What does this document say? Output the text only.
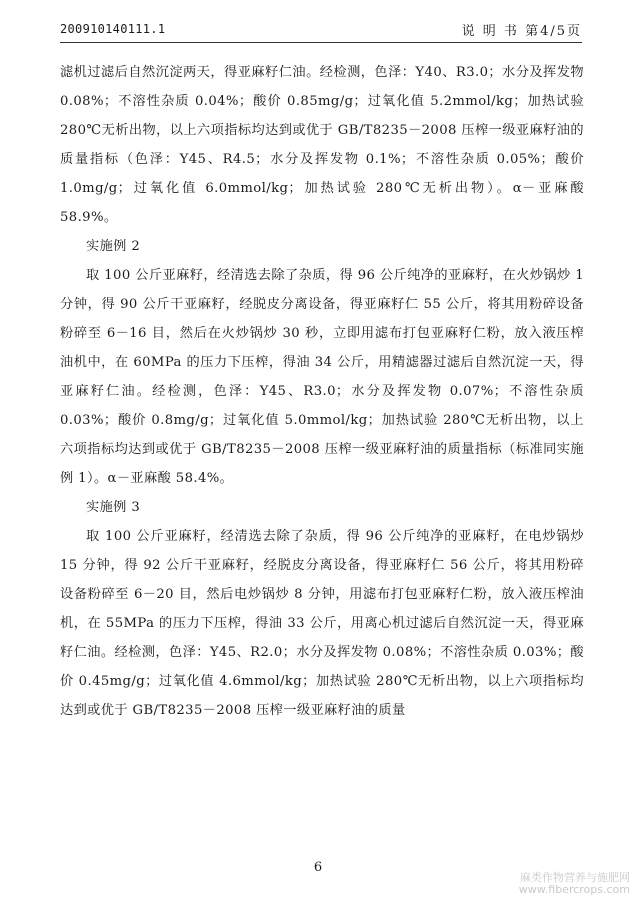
200910140111.1	说 明 书 第4/5页

滤机过滤后自然沉淀两天，得亚麻籽仁油。经检测，色泽：Y40、R3.0；水分及挥发物 0.08%；不溶性杂质 0.04%；酸价 0.85mg/g；过氧化值 5.2mmol/kg；加热试验 280℃无析出物，以上六项指标均达到或优于 GB/T8235－2008 压榨一级亚麻籽油的质量指标（色泽：Y45、R4.5；水分及挥发物 0.1%；不溶性杂质 0.05%；酸价 1.0mg/g；过氧化值 6.0mmol/kg；加热试验 280℃无析出物）。α－亚麻酸 58.9%。

实施例 2

取 100 公斤亚麻籽，经清选去除了杂质，得 96 公斤纯净的亚麻籽，在火炒锅炒 1 分钟，得 90 公斤干亚麻籽，经脱皮分离设备，得亚麻籽仁 55 公斤，将其用粉碎设备粉碎至 6－16 目，然后在火炒锅炒 30 秒，立即用滤布打包亚麻籽仁粉，放入液压榨油机中，在 60MPa 的压力下压榨，得油 34 公斤，用精滤器过滤后自然沉淀一天，得亚麻籽仁油。经检测，色泽：Y45、R3.0；水分及挥发物 0.07%；不溶性杂质 0.03%；酸价 0.8mg/g；过氧化值 5.0mmol/kg；加热试验 280℃无析出物，以上六项指标均达到或优于 GB/T8235－2008 压榨一级亚麻籽油的质量指标（标准同实施例 1）。α－亚麻酸 58.4%。

实施例 3

取 100 公斤亚麻籽，经清选去除了杂质，得 96 公斤纯净的亚麻籽，在电炒锅炒 15 分钟，得 92 公斤干亚麻籽，经脱皮分离设备，得亚麻籽仁 56 公斤，将其用粉碎设备粉碎至 6－20 目，然后电炒锅炒 8 分钟，用滤布打包亚麻籽仁粉，放入液压榨油机，在 55MPa 的压力下压榨，得油 33 公斤，用离心机过滤后自然沉淀一天，得亚麻籽仁油。经检测，色泽：Y45、R2.0；水分及挥发物 0.08%；不溶性杂质 0.03%；酸价 0.45mg/g；过氧化值 4.6mmol/kg；加热试验 280℃无析出物，以上六项指标均达到或优于 GB/T8235－2008 压榨一级亚麻籽油的质量

6
麻类作物营养与施肥网
www.fibercrops.com
